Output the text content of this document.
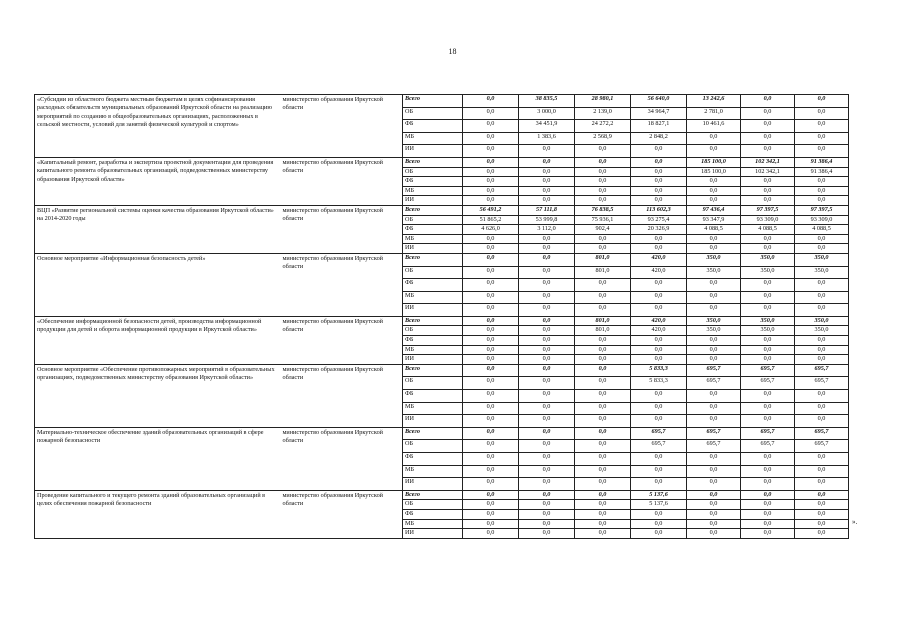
18
«Субсидии из областного бюджета местным бюджетам в целях софинансирования расходных обязательств муниципальных образований Иркутской области на реализацию мероприятий по созданию в общеобразовательных организациях, расположенных в сельской местности, условий для занятий физической культурой и спортом»	министерство образования Иркутской области	Всего	0,0	38 835,5	28 980,1	56 640,0	13 242,6	0,0	0,0
		ОБ	0,0	3 000,0	2 139,0	34 964,7	2 781,0	0,0	0,0
		ФБ	0,0	34 451,9	24 272,2	18 827,1	10 461,6	0,0	0,0
		МБ	0,0	1 383,6	2 568,9	2 848,2	0,0	0,0	0,0
		ИИ	0,0	0,0	0,0	0,0	0,0	0,0	0,0
«Капитальный ремонт, разработка и экспертиза проектной документации для проведения капитального ремонта образовательных организаций, подведомственных министерству образования Иркутской области»	министерство образования Иркутской области	Всего	0,0	0,0	0,0	0,0	185 100,0	102 342,1	91 386,4
		ОБ	0,0	0,0	0,0	0,0	185 100,0	102 342,1	91 386,4
		ФБ	0,0	0,0	0,0	0,0	0,0	0,0	0,0
		МБ	0,0	0,0	0,0	0,0	0,0	0,0	0,0
		ИИ	0,0	0,0	0,0	0,0	0,0	0,0	0,0
ВЦП «Развитие региональной системы оценки качества образования Иркутской области» на 2014-2020 годы	министерство образования Иркутской области	Всего	56 491,2	57 111,8	76 838,5	113 602,3	97 436,4	97 397,5	97 397,5
		ОБ	51 865,2	53 999,8	75 936,1	93 275,4	93 347,9	93 309,0	93 309,0
		ФБ	4 626,0	3 112,0	902,4	20 326,9	4 088,5	4 088,5	4 088,5
		МБ	0,0	0,0	0,0	0,0	0,0	0,0	0,0
		ИИ	0,0	0,0	0,0	0,0	0,0	0,0	0,0
Основное мероприятие «Информационная безопасность детей»	министерство образования Иркутской области	Всего	0,0	0,0	801,0	420,0	350,0	350,0	350,0
		ОБ	0,0	0,0	801,0	420,0	350,0	350,0	350,0
		ФБ	0,0	0,0	0,0	0,0	0,0	0,0	0,0
		МБ	0,0	0,0	0,0	0,0	0,0	0,0	0,0
		ИИ	0,0	0,0	0,0	0,0	0,0	0,0	0,0
«Обеспечение информационной безопасности детей, производства информационной продукции для детей и оборота информационной продукции в Иркутской области»	министерство образования Иркутской области	Всего	0,0	0,0	801,0	420,0	350,0	350,0	350,0
		ОБ	0,0	0,0	801,0	420,0	350,0	350,0	350,0
		ФБ	0,0	0,0	0,0	0,0	0,0	0,0	0,0
		МБ	0,0	0,0	0,0	0,0	0,0	0,0	0,0
		ИИ	0,0	0,0	0,0	0,0	0,0	0,0	0,0
Основное мероприятие «Обеспечение противопожарных мероприятий в образовательных организациях, подведомственных министерству образования Иркутской области»	министерство образования Иркутской области	Всего	0,0	0,0	0,0	5 833,3	695,7	695,7	695,7
		ОБ	0,0	0,0	0,0	5 833,3	695,7	695,7	695,7
		ФБ	0,0	0,0	0,0	0,0	0,0	0,0	0,0
		МБ	0,0	0,0	0,0	0,0	0,0	0,0	0,0
		ИИ	0,0	0,0	0,0	0,0	0,0	0,0	0,0
Материально-техническое обеспечение зданий образовательных организаций в сфере пожарной безопасности	министерство образования Иркутской области	Всего	0,0	0,0	0,0	695,7	695,7	695,7	695,7
		ОБ	0,0	0,0	0,0	695,7	695,7	695,7	695,7
		ФБ	0,0	0,0	0,0	0,0	0,0	0,0	0,0
		МБ	0,0	0,0	0,0	0,0	0,0	0,0	0,0
		ИИ	0,0	0,0	0,0	0,0	0,0	0,0	0,0
Проведение капитального и текущего ремонта зданий образовательных организаций в целях обеспечения пожарной безопасности	министерство образования Иркутской области	Всего	0,0	0,0	0,0	5 137,6	0,0	0,0	0,0
		ОБ	0,0	0,0	0,0	5 137,6	0,0	0,0	0,0
		ФБ	0,0	0,0	0,0	0,0	0,0	0,0	0,0
		МБ	0,0	0,0	0,0	0,0	0,0	0,0	0,0
		ИИ	0,0	0,0	0,0	0,0	0,0	0,0	0,0
».
